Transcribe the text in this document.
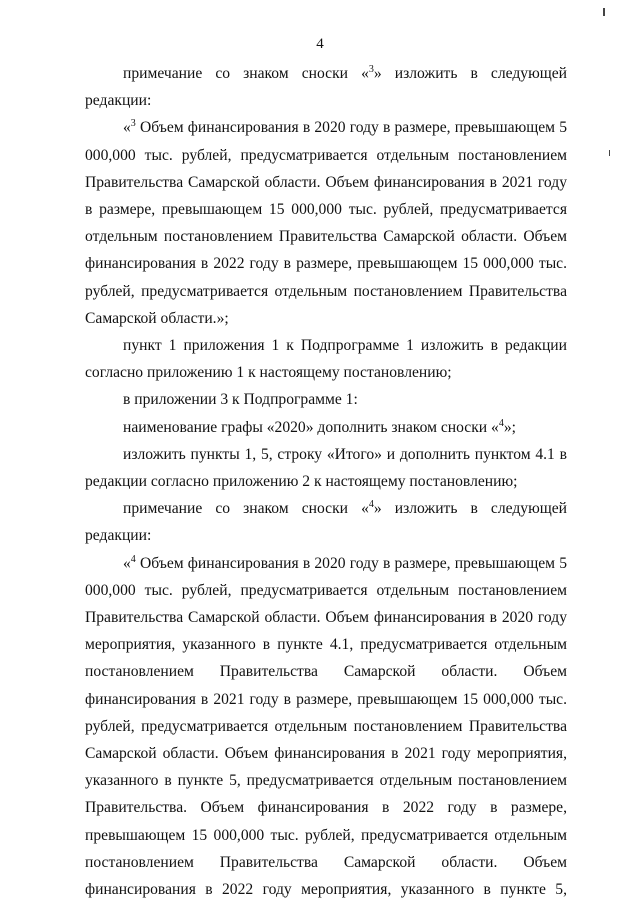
4

примечание со знаком сноски «$^3$» изложить в следующей редакции:

«$^3$ Объем финансирования в 2020 году в размере, превышающем 5 000,000 тыс. рублей, предусматривается отдельным постановлением Правительства Самарской области. Объем финансирования в 2021 году в размере, превышающем 15 000,000 тыс. рублей, предусматривается отдельным постановлением Правительства Самарской области. Объем финансирования в 2022 году в размере, превышающем 15 000,000 тыс. рублей, предусматривается отдельным постановлением Правительства Самарской области.»;

пункт 1 приложения 1 к Подпрограмме 1 изложить в редакции согласно приложению 1 к настоящему постановлению;

в приложении 3 к Подпрограмме 1:

наименование графы «2020» дополнить знаком сноски «$^4$»;

изложить пункты 1, 5, строку «Итого» и дополнить пунктом 4.1 в редакции согласно приложению 2 к настоящему постановлению;

примечание со знаком сноски «$^4$» изложить в следующей редакции:

«$^4$ Объем финансирования в 2020 году в размере, превышающем 5 000,000 тыс. рублей, предусматривается отдельным постановлением Правительства Самарской области. Объем финансирования в 2020 году мероприятия, указанного в пункте 4.1, предусматривается отдельным постановлением Правительства Самарской области. Объем финансирования в 2021 году в размере, превышающем 15 000,000 тыс. рублей, предусматривается отдельным постановлением Правительства Самарской области. Объем финансирования в 2021 году мероприятия, указанного в пункте 5, предусматривается отдельным постановлением Правительства. Объем финансирования в 2022 году в размере, превышающем 15 000,000 тыс. рублей, предусматривается отдельным постановлением Правительства Самарской области. Объем финансирования в 2022 году мероприятия, указанного в пункте 5,
